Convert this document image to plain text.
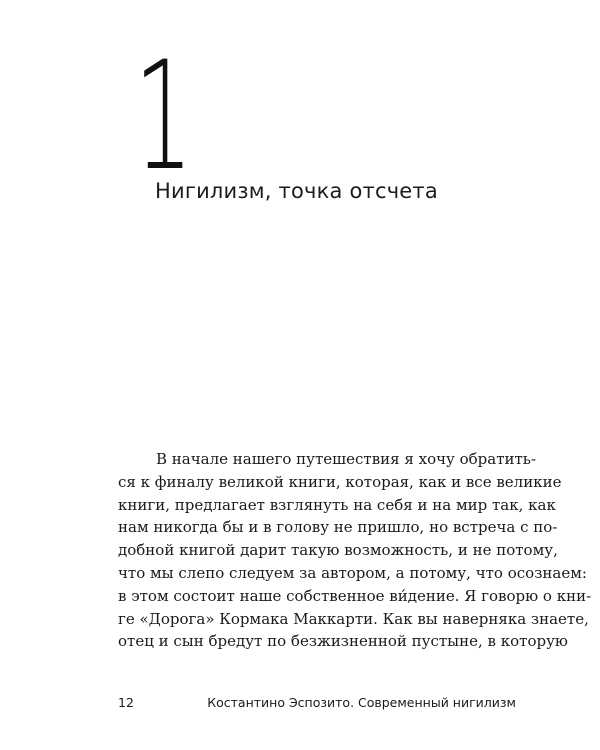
1
Нигилизм, точка отсчета
В начале нашего путешествия я хочу обратить-
ся к финалу великой книги, которая, как и все великие
книги, предлагает взглянуть на себя и на мир так, как
нам никогда бы и в голову не пришло, но встреча с по-
добной книгой дарит такую возможность, и не потому,
что мы слепо следуем за автором, а потому, что осознаем:
в этом состоит наше собственное ви́дение. Я говорю о кни-
ге «Дорога» Кормака Маккарти. Как вы наверняка знаете,
отец и сын бредут по безжизненной пустыне, в которую
12	Костантино Эспозито. Современный нигилизм
